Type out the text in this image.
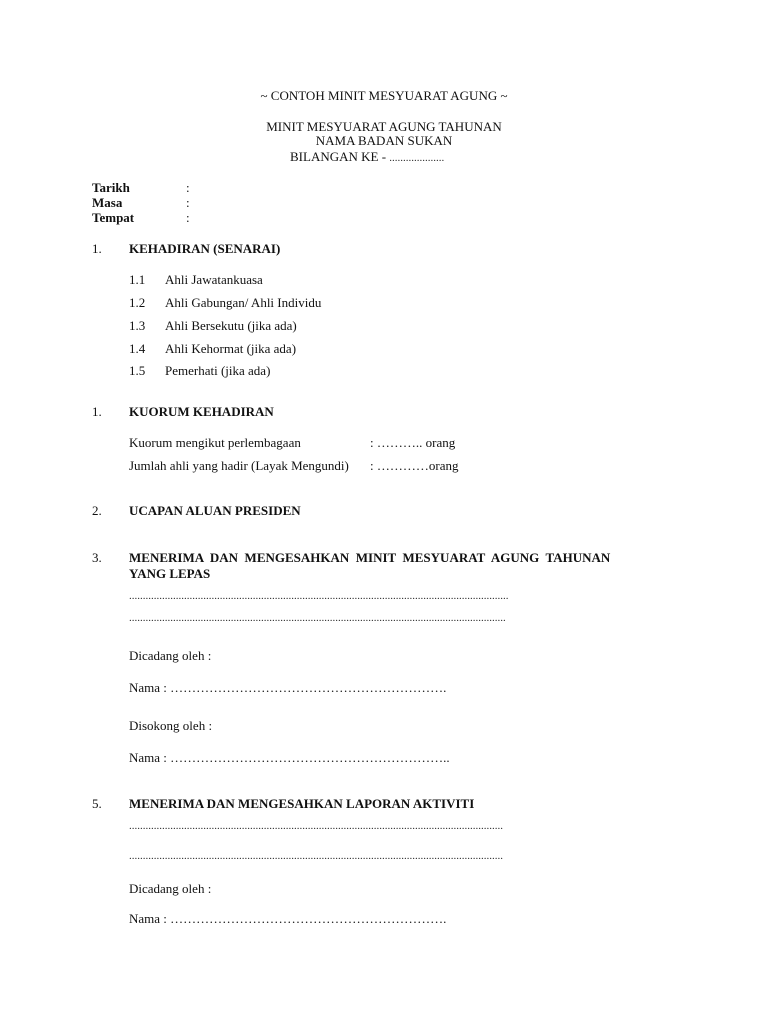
~ CONTOH MINIT MESYUARAT AGUNG ~
MINIT MESYUARAT AGUNG TAHUNAN
NAMA BADAN SUKAN
BILANGAN KE - ....................
Tarikh	:
Masa	:
Tempat	:
1. KEHADIRAN (SENARAI)
1.1 Ahli Jawatankuasa
1.2 Ahli Gabungan/ Ahli Individu
1.3 Ahli Bersekutu (jika ada)
1.4 Ahli Kehormat (jika ada)
1.5 Pemerhati (jika ada)
1. KUORUM KEHADIRAN
Kuorum mengikut perlembagaan	: ……….. orang
Jumlah ahli yang hadir (Layak Mengundi) : …………orang
2. UCAPAN ALUAN PRESIDEN
3. MENERIMA  DAN  MENGESAHKAN  MINIT  MESYUARAT  AGUNG  TAHUNAN
YANG LEPAS
..........................................................................................................................................
.........................................................................................................................................
Dicadang oleh :
Nama : ……………………………………………………….
Disokong oleh :
Nama : ………………………………………………………..
5. MENERIMA DAN MENGESAHKAN LAPORAN AKTIVITI
........................................................................................................................................
........................................................................................................................................
Dicadang oleh :
Nama : ……………………………………………………….
